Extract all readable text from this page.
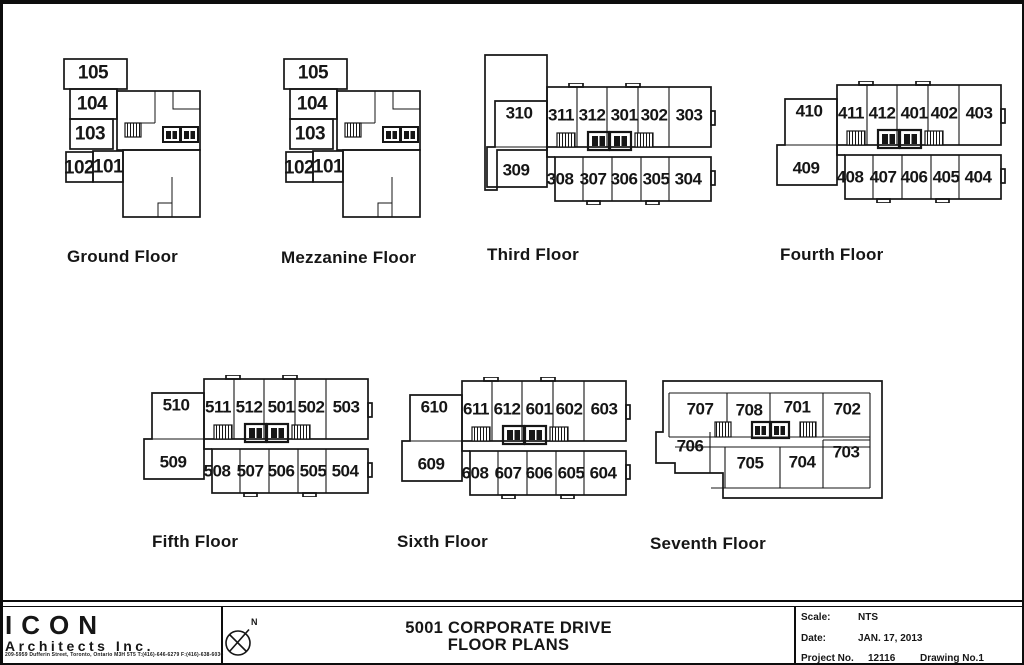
105
104
103
102
101
Ground Floor
105
104
103
102
101
Mezzanine Floor
310 311 312 301 302 303
309 308 307 306 305 304
Third Floor
410 411 412 401 402 403
409 408 407 406 405 404
Fourth Floor
510 511 512 501 502 503
509 508 507 506 505 504
Fifth Floor
610 611 612 601 602 603
609 608 607 606 605 604
Sixth Floor
707 708 701 702
706
705 704
703
Seventh Floor
ICON
Architects Inc.
209-5959 Dufferin Street, Toronto, Ontario M3H 5T5 T:(416)-646-6279 F:(416)-638-6036
N	5001 CORPORATE DRIVE
FLOOR PLANS
Scale:	NTS
Date:	JAN. 17, 2013
Project No. 12116 Drawing No.1
